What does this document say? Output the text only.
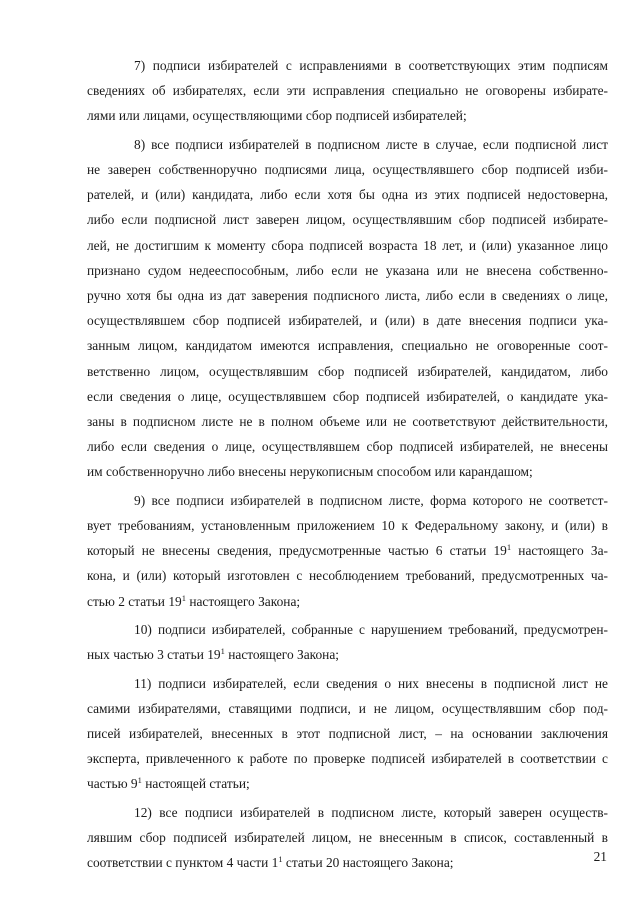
7) подписи избирателей с исправлениями в соответствующих этим подписям
сведениях об избирателях, если эти исправления специально не оговорены избирате-
лями или лицами, осуществляющими сбор подписей избирателей;
8) все подписи избирателей в подписном листе в случае, если подписной лист
не заверен собственноручно подписями лица, осуществлявшего сбор подписей изби-
рателей, и (или) кандидата, либо если хотя бы одна из этих подписей недостоверна,
либо если подписной лист заверен лицом, осуществлявшим сбор подписей избирате-
лей, не достигшим к моменту сбора подписей возраста 18 лет, и (или) указанное лицо
признано судом недееспособным, либо если не указана или не внесена собственно-
ручно хотя бы одна из дат заверения подписного листа, либо если в сведениях о лице,
осуществлявшем сбор подписей избирателей, и (или) в дате внесения подписи ука-
занным лицом, кандидатом имеются исправления, специально не оговоренные соот-
ветственно лицом, осуществлявшим сбор подписей избирателей, кандидатом, либо
если сведения о лице, осуществлявшем сбор подписей избирателей, о кандидате ука-
заны в подписном листе не в полном объеме или не соответствуют действительности,
либо если сведения о лице, осуществлявшем сбор подписей избирателей, не внесены
им собственноручно либо внесены нерукописным способом или карандашом;
9) все подписи избирателей в подписном листе, форма которого не соответст-
вует требованиям, установленным приложением 10 к Федеральному закону, и (или) в
который не внесены сведения, предусмотренные частью 6 статьи $19^1$ настоящего За-
кона, и (или) который изготовлен с несоблюдением требований, предусмотренных ча-
стью 2 статьи $19^1$ настоящего Закона;
10) подписи избирателей, собранные с нарушением требований, предусмотрен-
ных частью 3 статьи $19^1$ настоящего Закона;
11) подписи избирателей, если сведения о них внесены в подписной лист не
самими избирателями, ставящими подписи, и не лицом, осуществлявшим сбор под-
писей избирателей, внесенных в этот подписной лист, – на основании заключения
эксперта, привлеченного к работе по проверке подписей избирателей в соответствии с
частью $9^1$ настоящей статьи;
12) все подписи избирателей в подписном листе, который заверен осуществ-
лявшим сбор подписей избирателей лицом, не внесенным в список, составленный в
соответствии с пунктом 4 части $1^1$ статьи 20 настоящего Закона;	21
